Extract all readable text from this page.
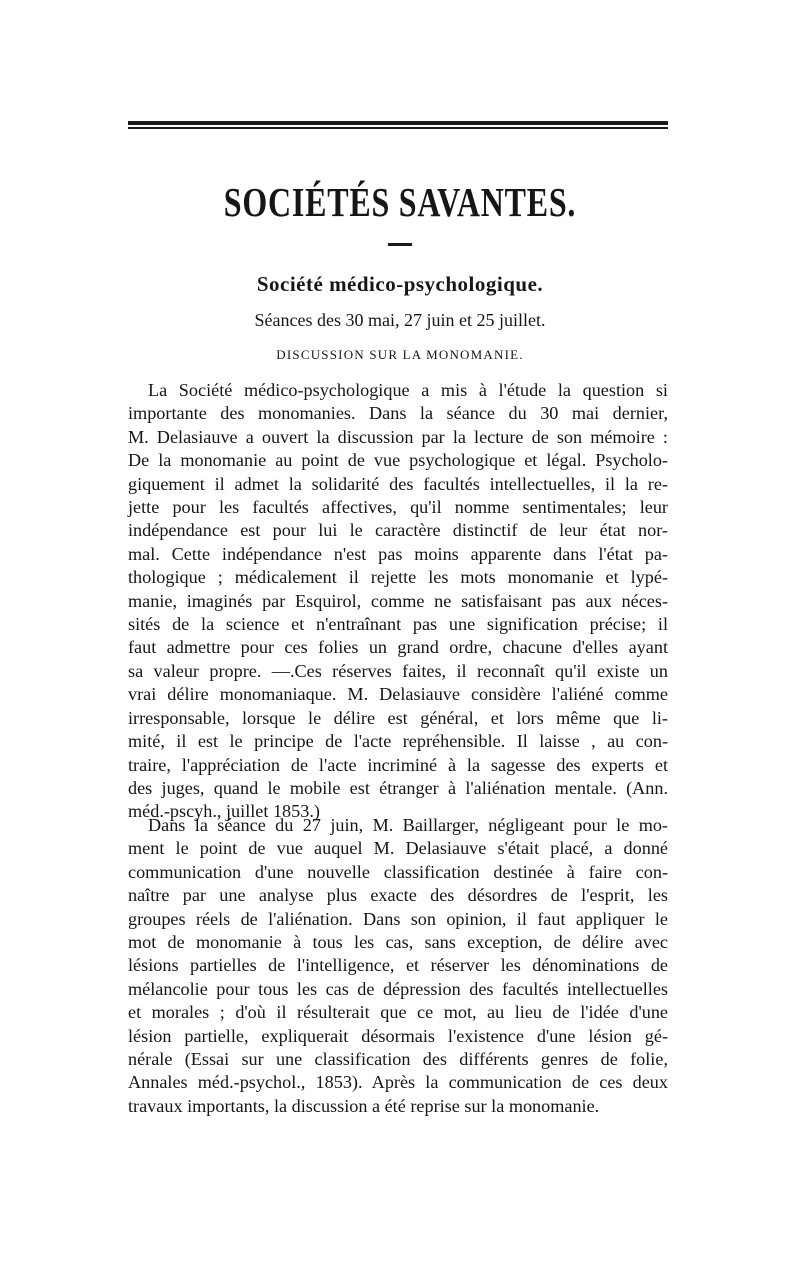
SOCIÉTÉS SAVANTES.
Société médico-psychologique.
Séances des 30 mai, 27 juin et 25 juillet.
DISCUSSION SUR LA MONOMANIE.
La Société médico-psychologique a mis à l'étude la question si
importante des monomanies. Dans la séance du 30 mai dernier,
M. Delasiauve a ouvert la discussion par la lecture de son mémoire :
De la monomanie au point de vue psychologique et légal. Psycholo-
giquement il admet la solidarité des facultés intellectuelles, il la re-
jette pour les facultés affectives, qu'il nomme sentimentales; leur
indépendance est pour lui le caractère distinctif de leur état nor-
mal. Cette indépendance n'est pas moins apparente dans l'état pa-
thologique ; médicalement il rejette les mots monomanie et lypé-
manie, imaginés par Esquirol, comme ne satisfaisant pas aux néces-
sités de la science et n'entraînant pas une signification précise; il
faut admettre pour ces folies un grand ordre, chacune d'elles ayant
sa valeur propre. —.Ces réserves faites, il reconnaît qu'il existe un
vrai délire monomaniaque. M. Delasiauve considère l'aliéné comme
irresponsable, lorsque le délire est général, et lors même que li-
mité, il est le principe de l'acte repréhensible. Il laisse , au con-
traire, l'appréciation de l'acte incriminé à la sagesse des experts et
des juges, quand le mobile est étranger à l'aliénation mentale. (Ann.
méd.-pscyh., juillet 1853.)
Dans la séance du 27 juin, M. Baillarger, négligeant pour le mo-
ment le point de vue auquel M. Delasiauve s'était placé, a donné
communication d'une nouvelle classification destinée à faire con-
naître par une analyse plus exacte des désordres de l'esprit, les
groupes réels de l'aliénation. Dans son opinion, il faut appliquer le
mot de monomanie à tous les cas, sans exception, de délire avec
lésions partielles de l'intelligence, et réserver les dénominations de
mélancolie pour tous les cas de dépression des facultés intellectuelles
et morales ; d'où il résulterait que ce mot, au lieu de l'idée d'une
lésion partielle, expliquerait désormais l'existence d'une lésion gé-
nérale (Essai sur une classification des différents genres de folie,
Annales méd.-psychol., 1853). Après la communication de ces deux
travaux importants, la discussion a été reprise sur la monomanie.
